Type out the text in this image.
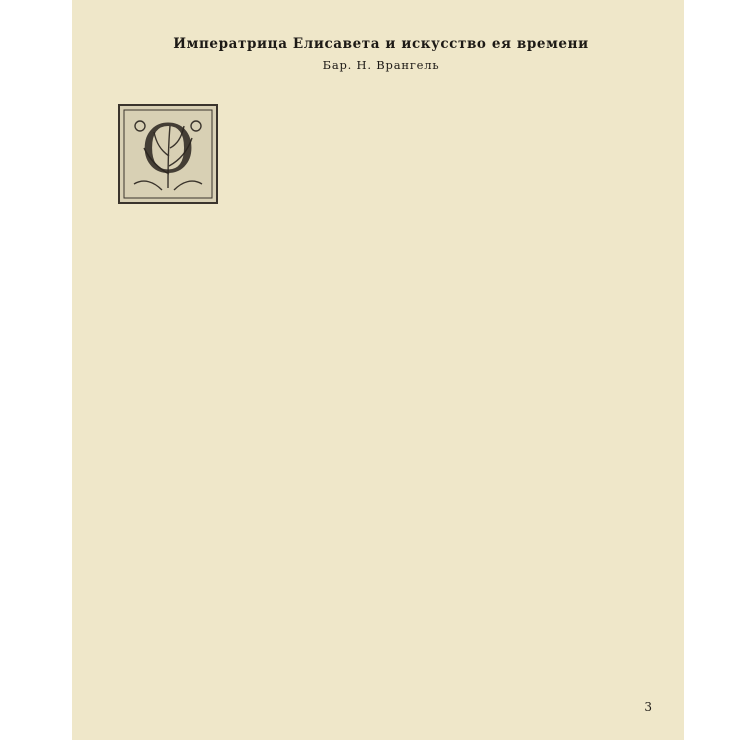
Императрица Елисавета и искусство ея времени
Бар. Н. Врангель
О
3
